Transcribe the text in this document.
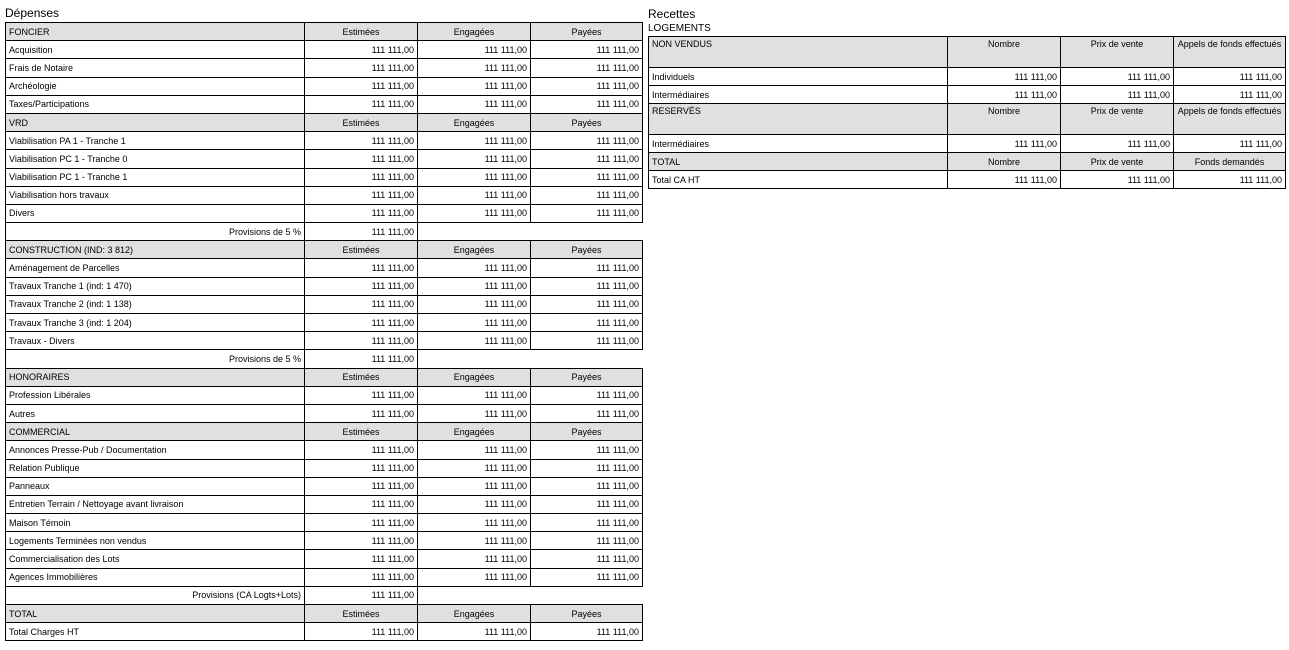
Dépenses
FONCIER	Estimées	Engagées	Payées
Acquisition	111 111,00	111 111,00	111 111,00
Frais de Notaire	111 111,00	111 111,00	111 111,00
Archéologie	111 111,00	111 111,00	111 111,00
Taxes/Participations	111 111,00	111 111,00	111 111,00
VRD	Estimées	Engagées	Payées
Viabilisation PA 1 - Tranche 1	111 111,00	111 111,00	111 111,00
Viabilisation PC 1 - Tranche 0	111 111,00	111 111,00	111 111,00
Viabilisation PC 1 - Tranche 1	111 111,00	111 111,00	111 111,00
Viabilisation hors travaux	111 111,00	111 111,00	111 111,00
Divers	111 111,00	111 111,00	111 111,00
Provisions de 5 %	111 111,00		
CONSTRUCTION (IND: 3 812)	Estimées	Engagées	Payées
Aménagement de Parcelles	111 111,00	111 111,00	111 111,00
Travaux Tranche 1 (ind: 1 470)	111 111,00	111 111,00	111 111,00
Travaux Tranche 2 (ind: 1 138)	111 111,00	111 111,00	111 111,00
Travaux Tranche 3 (ind: 1 204)	111 111,00	111 111,00	111 111,00
Travaux - Divers	111 111,00	111 111,00	111 111,00
Provisions de 5 %	111 111,00		
HONORAIRES	Estimées	Engagées	Payées
Profession Libérales	111 111,00	111 111,00	111 111,00
Autres	111 111,00	111 111,00	111 111,00
COMMERCIAL	Estimées	Engagées	Payées
Annonces Presse-Pub / Documentation	111 111,00	111 111,00	111 111,00
Relation Publique	111 111,00	111 111,00	111 111,00
Panneaux	111 111,00	111 111,00	111 111,00
Entretien Terrain / Nettoyage avant livraison	111 111,00	111 111,00	111 111,00
Maison Témoin	111 111,00	111 111,00	111 111,00
Logements Terminées non vendus	111 111,00	111 111,00	111 111,00
Commercialisation des Lots	111 111,00	111 111,00	111 111,00
Agences Immobilières	111 111,00	111 111,00	111 111,00
Provisions (CA Logts+Lots)	111 111,00		
TOTAL	Estimées	Engagées	Payées
Total Charges HT	111 111,00	111 111,00	111 111,00
Recettes
LOGEMENTS
NON VENDUS	Nombre	Prix de vente	Appels de fonds effectués
Individuels	111 111,00	111 111,00	111 111,00
Intermédiaires	111 111,00	111 111,00	111 111,00
RESERVÉS	Nombre	Prix de vente	Appels de fonds effectués
Intermédiaires	111 111,00	111 111,00	111 111,00
TOTAL	Nombre	Prix de vente	Fonds demandés
Total CA HT	111 111,00	111 111,00	111 111,00
